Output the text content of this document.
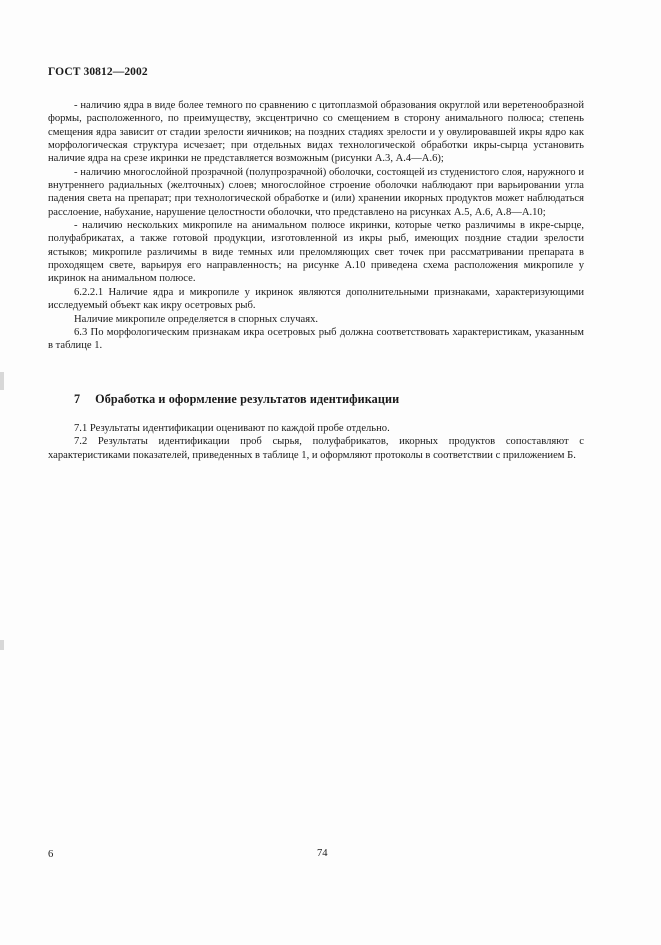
ГОСТ 30812—2002

- наличию ядра в виде более темного по сравнению с цитоплазмой образования округлой или веретенообразной формы, расположенного, по преимуществу, эксцентрично со смещением в сторону анимального полюса; степень смещения ядра зависит от стадии зрелости яичников; на поздних стадиях зрелости и у овулировавшей икры ядро как морфологическая структура исчезает; при отдельных видах технологической обработки икры-сырца установить наличие ядра на срезе икринки не представляется возможным (рисунки А.3, А.4—А.6);

- наличию многослойной прозрачной (полупрозрачной) оболочки, состоящей из студенистого слоя, наружного и внутреннего радиальных (желточных) слоев; многослойное строение оболочки наблюдают при варьировании угла падения света на препарат; при технологической обработке и (или) хранении икорных продуктов может наблюдаться расслоение, набухание, нарушение целостности оболочки, что представлено на рисунках А.5, А.6, А.8—А.10;

- наличию нескольких микропиле на анимальном полюсе икринки, которые четко различимы в икре-сырце, полуфабрикатах, а также готовой продукции, изготовленной из икры рыб, имеющих поздние стадии зрелости ястыков; микропиле различимы в виде темных или преломляющих свет точек при рассматривании препарата в проходящем свете, варьируя его направленность; на рисунке А.10 приведена схема расположения микропиле у икринок на анимальном полюсе.

6.2.2.1 Наличие ядра и микропиле у икринок являются дополнительными признаками, характеризующими исследуемый объект как икру осетровых рыб.

Наличие микропиле определяется в спорных случаях.

6.3 По морфологическим признакам икра осетровых рыб должна соответствовать характеристикам, указанным в таблице 1.

7 Обработка и оформление результатов идентификации

7.1 Результаты идентификации оценивают по каждой пробе отдельно.

7.2 Результаты идентификации проб сырья, полуфабрикатов, икорных продуктов сопоставляют с характеристиками показателей, приведенных в таблице 1, и оформляют протоколы в соответствии с приложением Б.

6	74
